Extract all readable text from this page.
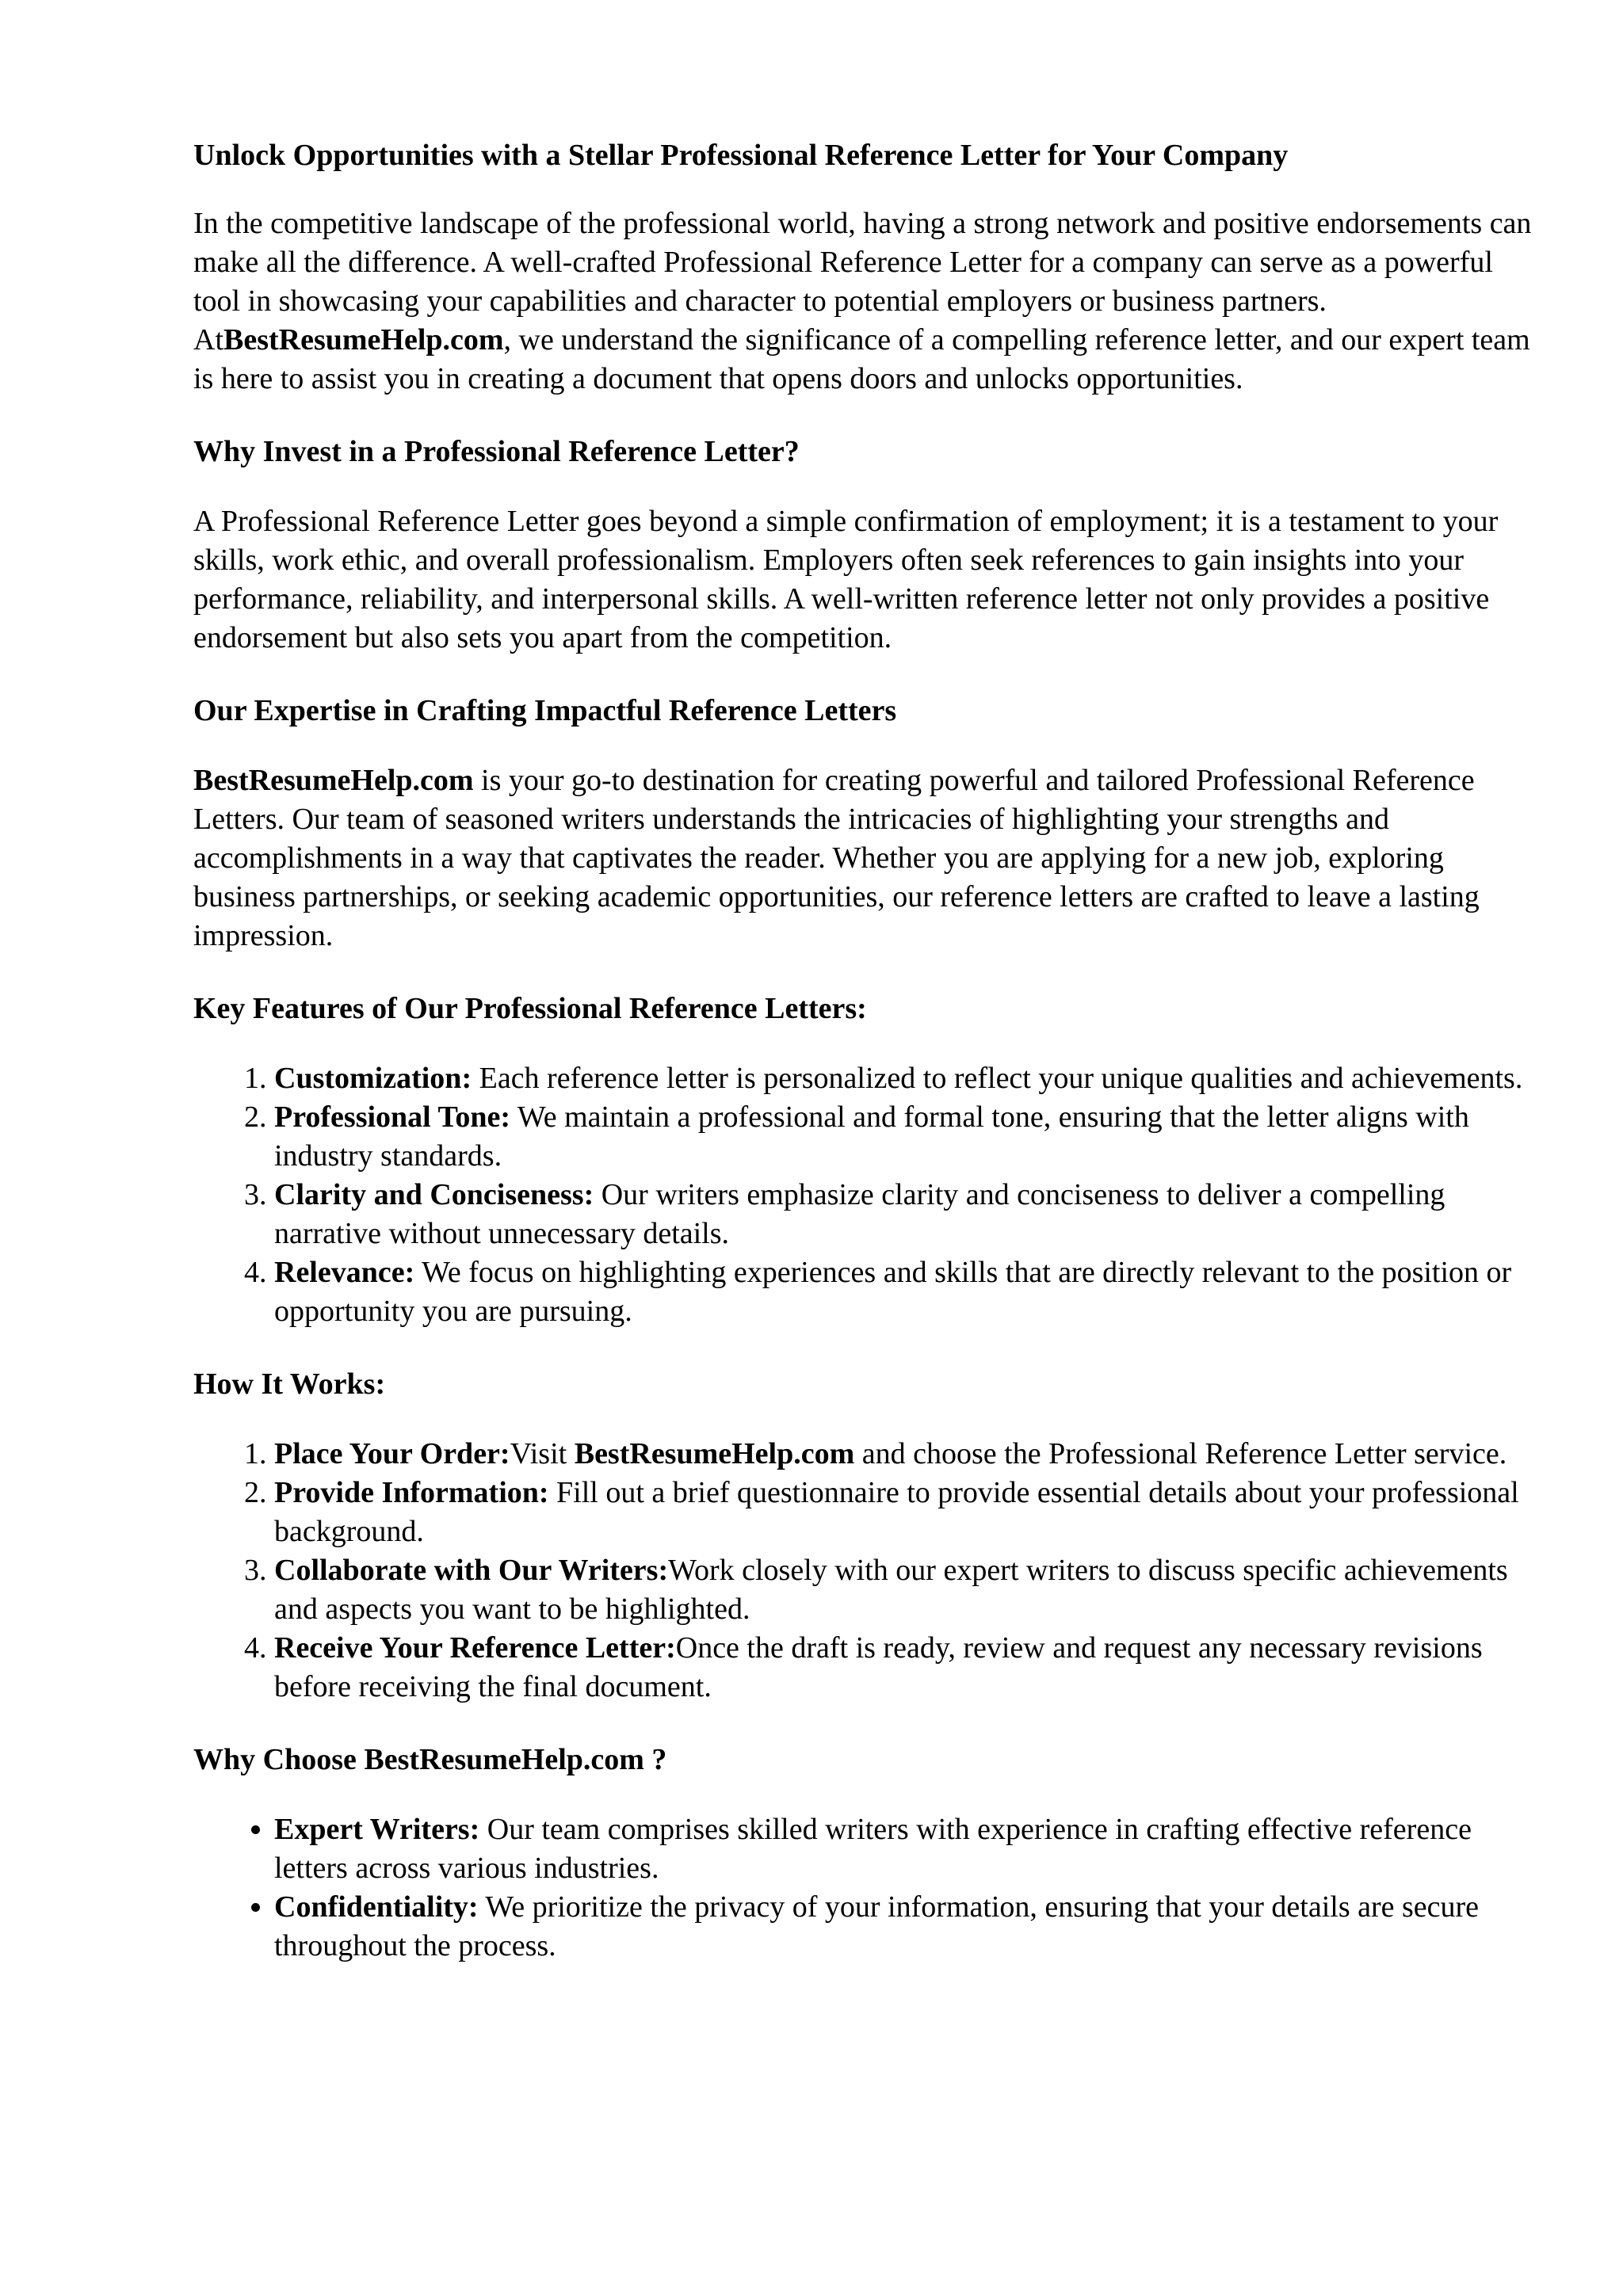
Unlock Opportunities with a Stellar Professional Reference Letter for Your Company

In the competitive landscape of the professional world, having a strong network and positive endorsements can make all the difference. A well-crafted Professional Reference Letter for a company can serve as a powerful tool in showcasing your capabilities and character to potential employers or business partners. AtBestResumeHelp.com, we understand the significance of a compelling reference letter, and our expert team is here to assist you in creating a document that opens doors and unlocks opportunities.

Why Invest in a Professional Reference Letter?

A Professional Reference Letter goes beyond a simple confirmation of employment; it is a testament to your skills, work ethic, and overall professionalism. Employers often seek references to gain insights into your performance, reliability, and interpersonal skills. A well-written reference letter not only provides a positive endorsement but also sets you apart from the competition.

Our Expertise in Crafting Impactful Reference Letters

BestResumeHelp.com is your go-to destination for creating powerful and tailored Professional Reference Letters. Our team of seasoned writers understands the intricacies of highlighting your strengths and accomplishments in a way that captivates the reader. Whether you are applying for a new job, exploring business partnerships, or seeking academic opportunities, our reference letters are crafted to leave a lasting impression.

Key Features of Our Professional Reference Letters:
1. Customization: Each reference letter is personalized to reflect your unique qualities and achievements.
2. Professional Tone: We maintain a professional and formal tone, ensuring that the letter aligns with industry standards.
3. Clarity and Conciseness: Our writers emphasize clarity and conciseness to deliver a compelling narrative without unnecessary details.
4. Relevance: We focus on highlighting experiences and skills that are directly relevant to the position or opportunity you are pursuing.
How It Works:
1. Place Your Order:Visit BestResumeHelp.com and choose the Professional Reference Letter service.
2. Provide Information: Fill out a brief questionnaire to provide essential details about your professional background.
3. Collaborate with Our Writers:Work closely with our expert writers to discuss specific achievements and aspects you want to be highlighted.
4. Receive Your Reference Letter:Once the draft is ready, review and request any necessary revisions before receiving the final document.
Why Choose BestResumeHelp.com ?
• Expert Writers: Our team comprises skilled writers with experience in crafting effective reference letters across various industries.
• Confidentiality: We prioritize the privacy of your information, ensuring that your details are secure throughout the process.
